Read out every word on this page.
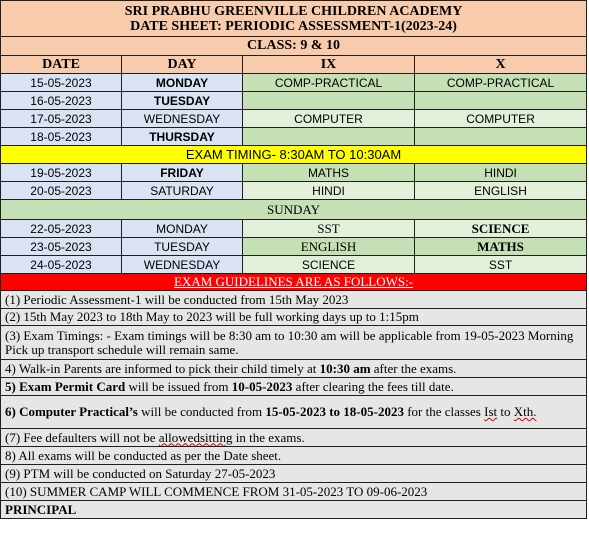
SRI PRABHU GREENVILLE CHILDREN ACADEMY
DATE SHEET: PERIODIC ASSESSMENT-1(2023-24)			

CLASS: 9 & 10			
DATE	DAY	IX	X
15-05-2023	MONDAY	COMP-PRACTICAL	COMP-PRACTICAL
16-05-2023	TUESDAY		
17-05-2023	WEDNESDAY	COMPUTER	COMPUTER
18-05-2023	THURSDAY		
EXAM TIMING- 8:30AM TO 10:30AM			
19-05-2023	FRIDAY	MATHS	HINDI
20-05-2023	SATURDAY	HINDI	ENGLISH
SUNDAY			
22-05-2023	MONDAY	SST	SCIENCE
23-05-2023	TUESDAY	ENGLISH	MATHS
24-05-2023	WEDNESDAY	SCIENCE	SST
EXAM GUIDELINES ARE AS FOLLOWS:-			
(1) Periodic Assessment-1 will be conducted from 15th May 2023			
(2) 15th May 2023 to 18th May to 2023 will be full working days up to 1:15pm			
(3) Exam Timings: - Exam timings will be 8:30 am to 10:30 am will be applicable from 19-05-2023 Morning Pick up transport schedule will remain same.			
4) Walk-in Parents are informed to pick their child timely at 10:30 am after the exams.			
5) Exam Permit Card will be issued from 10-05-2023 after clearing the fees till date.			
6) Computer Practical’s will be conducted from 15-05-2023 to 18-05-2023 for the classes Ist to Xth.			
(7) Fee defaulters will not be allowedsitting in the exams.			
8) All exams will be conducted as per the Date sheet.			
(9) PTM will be conducted on Saturday 27-05-2023			
(10) SUMMER CAMP WILL COMMENCE FROM 31-05-2023 TO 09-06-2023			
PRINCIPAL			
